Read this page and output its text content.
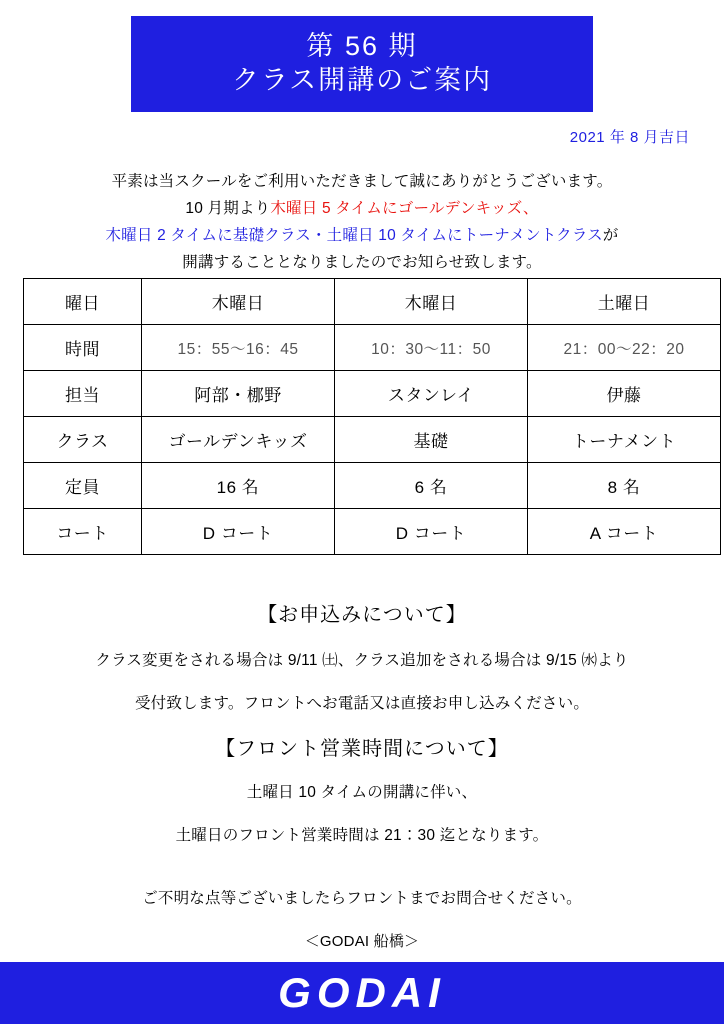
第 56 期
クラス開講のご案内
2021 年 8 月吉日
平素は当スクールをご利用いただきまして誠にありがとうございます。
10 月期より木曜日 5 タイムにゴールデンキッズ、
木曜日 2 タイムに基礎クラス・土曜日 10 タイムにトーナメントクラスが
開講することとなりましたのでお知らせ致します。
曜日	木曜日	木曜日	土曜日
時間	15：55〜16：45	10：30〜11：50	21：00〜22：20
担当	阿部・梛野	スタンレイ	伊藤
クラス	ゴールデンキッズ	基礎	トーナメント
定員	16 名	6 名	8 名
コート	D コート	D コート	A コート
【お申込みについて】
クラス変更をされる場合は 9/11 ㈯、クラス追加をされる場合は 9/15 ㈬より
受付致します。フロントへお電話又は直接お申し込みください。
【フロント営業時間について】
土曜日 10 タイムの開講に伴い、
土曜日のフロント営業時間は 21：30 迄となります。
ご不明な点等ございましたらフロントまでお問合せください。
＜GODAI 船橋＞
GODAI
